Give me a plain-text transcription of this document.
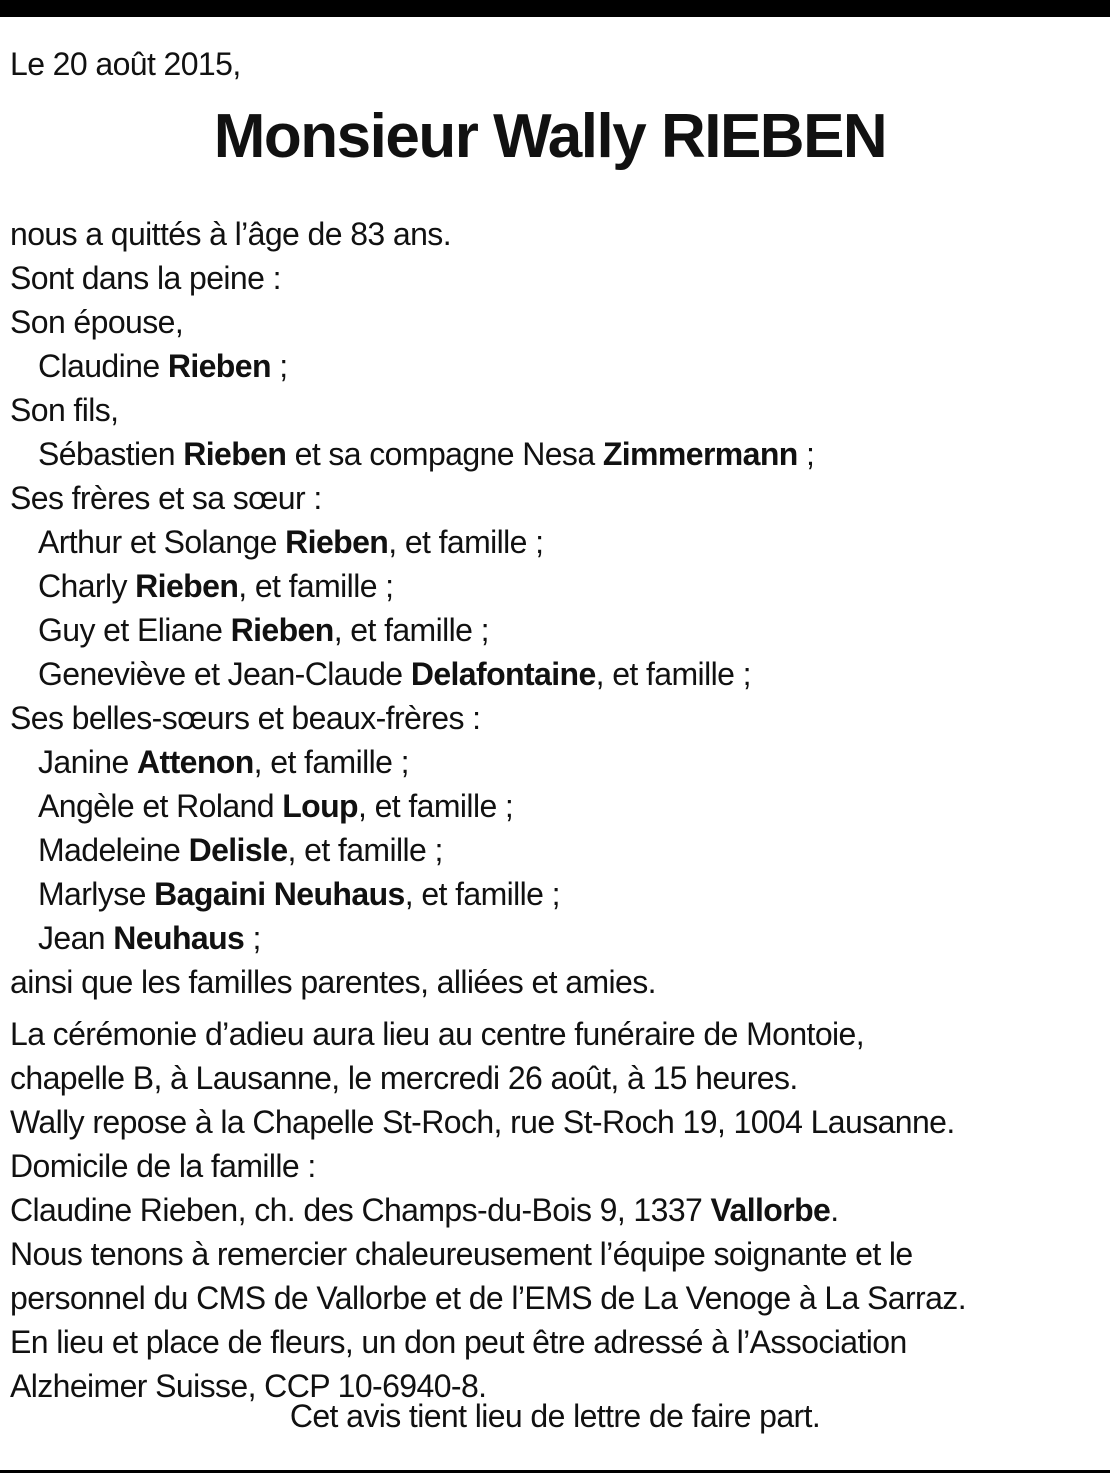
Le 20 août 2015,
Monsieur Wally RIEBEN
nous a quittés à l’âge de 83 ans.
Sont dans la peine :
Son épouse,
Claudine Rieben ;
Son fils,
Sébastien Rieben et sa compagne Nesa Zimmermann ;
Ses frères et sa sœur :
Arthur et Solange Rieben, et famille ;
Charly Rieben, et famille ;
Guy et Eliane Rieben, et famille ;
Geneviève et Jean-Claude Delafontaine, et famille ;
Ses belles-sœurs et beaux-frères :
Janine Attenon, et famille ;
Angèle et Roland Loup, et famille ;
Madeleine Delisle, et famille ;
Marlyse Bagaini Neuhaus, et famille ;
Jean Neuhaus ;
ainsi que les familles parentes, alliées et amies.
La cérémonie d’adieu aura lieu au centre funéraire de Montoie,
chapelle B, à Lausanne, le mercredi 26 août, à 15 heures.
Wally repose à la Chapelle St-Roch, rue St-Roch 19, 1004 Lausanne.
Domicile de la famille :
Claudine Rieben, ch. des Champs-du-Bois 9, 1337 Vallorbe.
Nous tenons à remercier chaleureusement l’équipe soignante et le
personnel du CMS de Vallorbe et de l’EMS de La Venoge à La Sarraz.
En lieu et place de fleurs, un don peut être adressé à l’Association
Alzheimer Suisse, CCP 10-6940-8.
Cet avis tient lieu de lettre de faire part.
